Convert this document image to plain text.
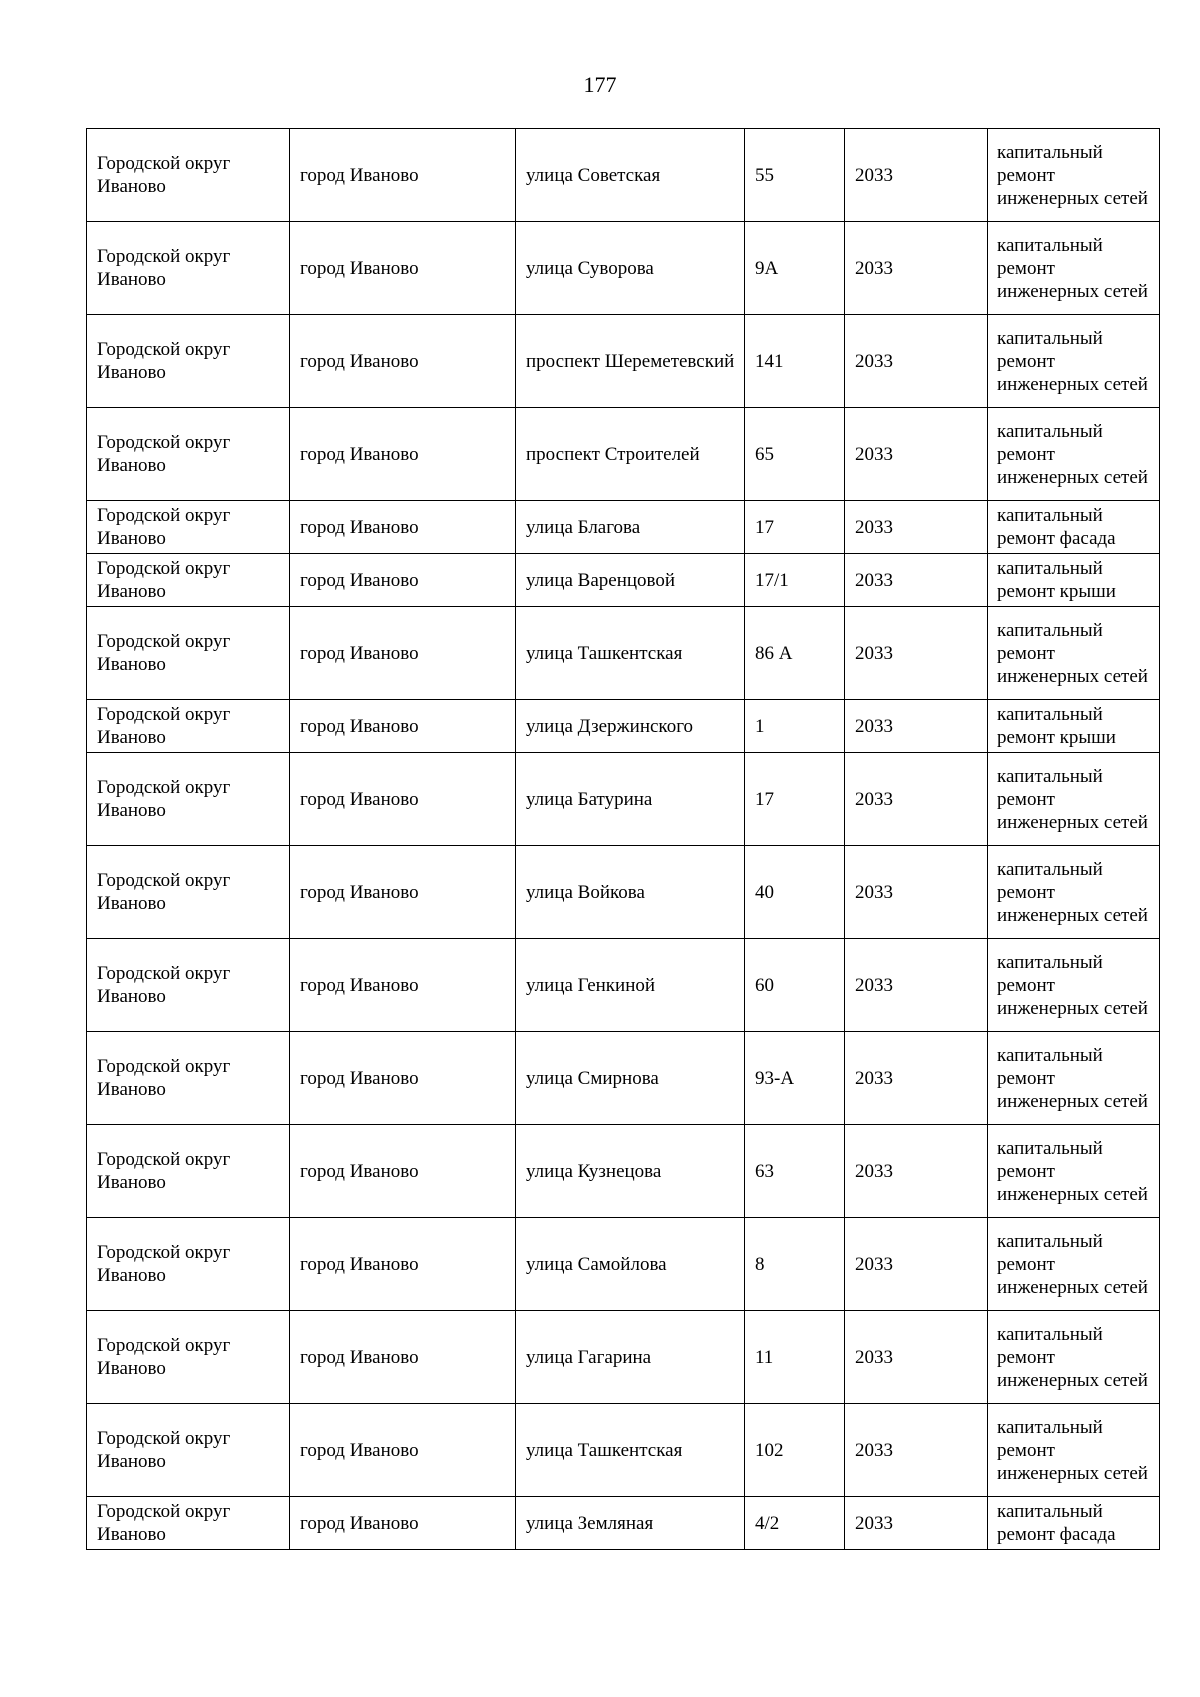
177
Городской округ Иваново	город Иваново	улица Советская	55	2033	капитальный ремонт инженерных сетей
Городской округ Иваново	город Иваново	улица Суворова	9А	2033	капитальный ремонт инженерных сетей
Городской округ Иваново	город Иваново	проспект Шереметевский	141	2033	капитальный ремонт инженерных сетей
Городской округ Иваново	город Иваново	проспект Строителей	65	2033	капитальный ремонт инженерных сетей
Городской округ Иваново	город Иваново	улица Благова	17	2033	капитальный ремонт фасада
Городской округ Иваново	город Иваново	улица Варенцовой	17/1	2033	капитальный ремонт крыши
Городской округ Иваново	город Иваново	улица Ташкентская	86 А	2033	капитальный ремонт инженерных сетей
Городской округ Иваново	город Иваново	улица Дзержинского	1	2033	капитальный ремонт крыши
Городской округ Иваново	город Иваново	улица Батурина	17	2033	капитальный ремонт инженерных сетей
Городской округ Иваново	город Иваново	улица Войкова	40	2033	капитальный ремонт инженерных сетей
Городской округ Иваново	город Иваново	улица Генкиной	60	2033	капитальный ремонт инженерных сетей
Городской округ Иваново	город Иваново	улица Смирнова	93-А	2033	капитальный ремонт инженерных сетей
Городской округ Иваново	город Иваново	улица Кузнецова	63	2033	капитальный ремонт инженерных сетей
Городской округ Иваново	город Иваново	улица Самойлова	8	2033	капитальный ремонт инженерных сетей
Городской округ Иваново	город Иваново	улица Гагарина	11	2033	капитальный ремонт инженерных сетей
Городской округ Иваново	город Иваново	улица Ташкентская	102	2033	капитальный ремонт инженерных сетей
Городской округ Иваново	город Иваново	улица Земляная	4/2	2033	капитальный ремонт фасада
